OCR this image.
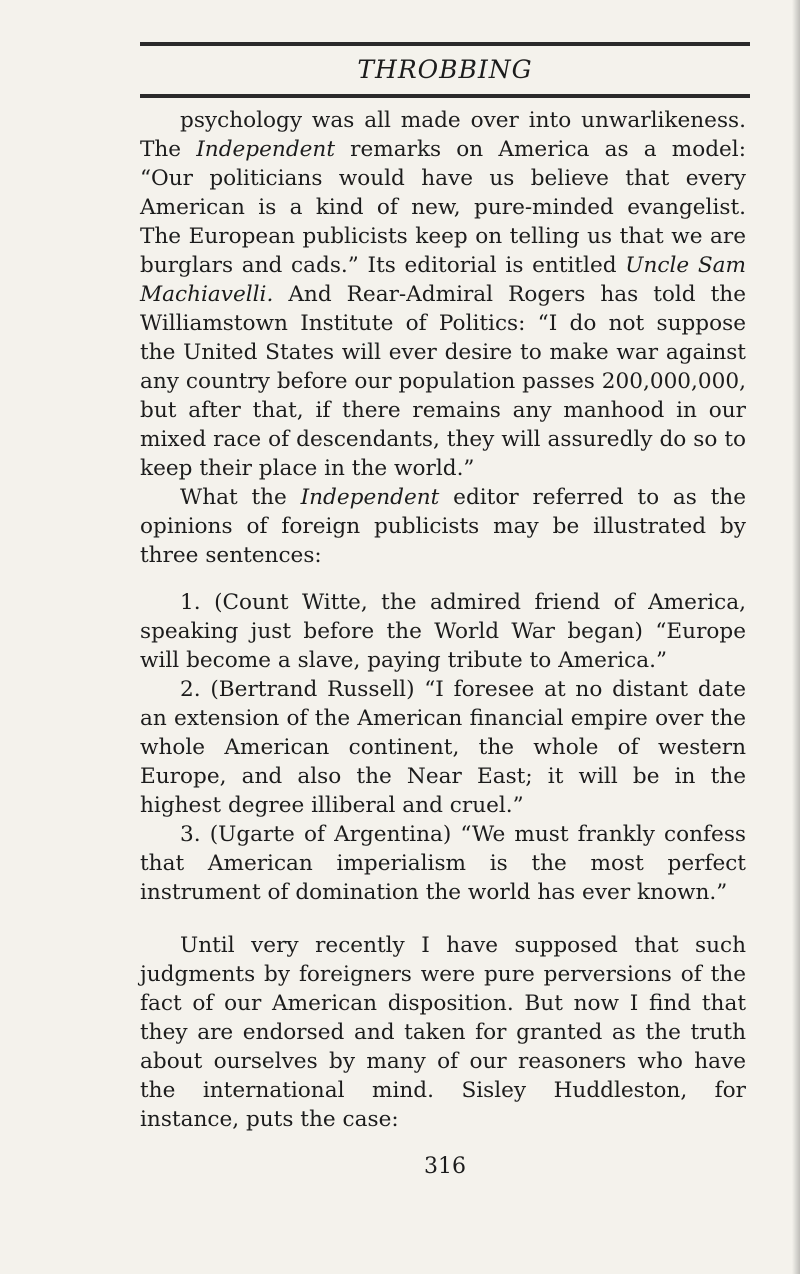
THROBBING

psychology was all made over into unwarlikeness. The Independent remarks on America as a model: “Our politicians would have us believe that every American is a kind of new, pure-minded evangelist. The European publicists keep on telling us that we are burglars and cads.” Its editorial is entitled Uncle Sam Machiavelli. And Rear-Admiral Rogers has told the Williamstown Institute of Politics: “I do not suppose the United States will ever desire to make war against any country before our population passes 200,000,000, but after that, if there remains any manhood in our mixed race of descendants, they will assuredly do so to keep their place in the world.”

What the Independent editor referred to as the opinions of foreign publicists may be illustrated by three sentences:

1. (Count Witte, the admired friend of America, speaking just before the World War began) “Europe will become a slave, paying tribute to America.”

2. (Bertrand Russell) “I foresee at no distant date an extension of the American financial empire over the whole American continent, the whole of western Europe, and also the Near East; it will be in the highest degree illiberal and cruel.”

3. (Ugarte of Argentina) “We must frankly confess that American imperialism is the most perfect instrument of domination the world has ever known.”

Until very recently I have supposed that such judgments by foreigners were pure perversions of the fact of our American disposition. But now I find that they are endorsed and taken for granted as the truth about ourselves by many of our reasoners who have the international mind. Sisley Huddleston, for instance, puts the case:

316
